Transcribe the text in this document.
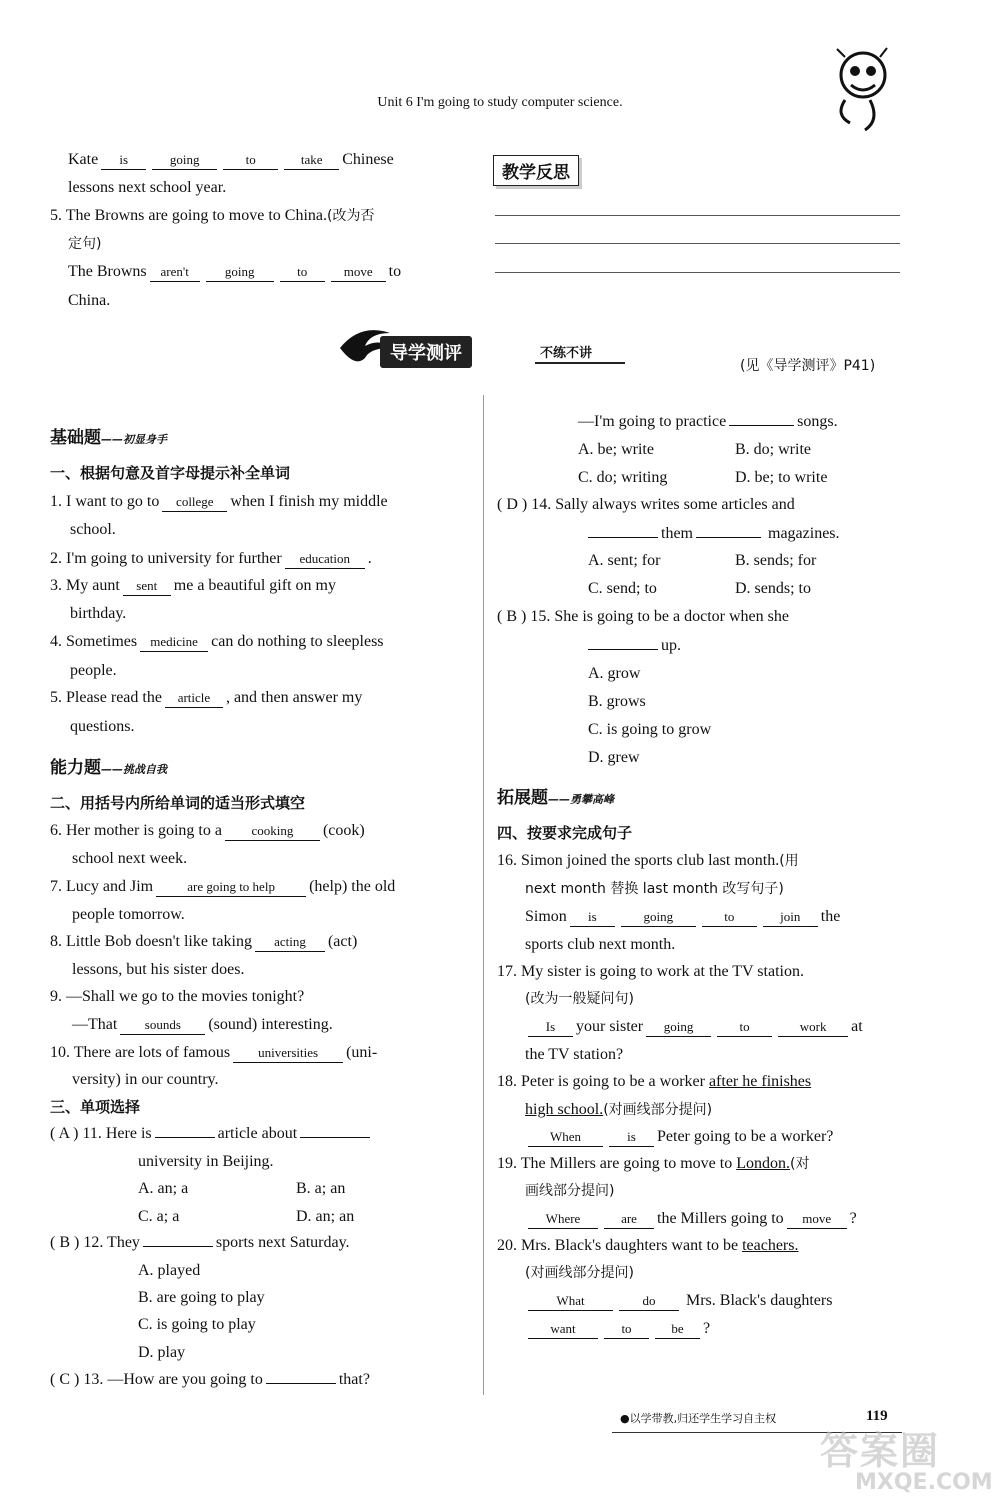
Unit 6 I'm going to study computer science.
Kate is	going	to	take Chinese
lessons next school year.
5. The Browns are going to move to China.(改为否
定句)
The Browns aren't	going	to	move to
China.
教学反思
导学测评	不练不讲
(见《导学测评》P41)
基础题——初显身手
一、根据句意及首字母提示补全单词
1. I want to go to college when I finish my middle
school.
2. I'm going to university for further education .
3. My aunt sent me a beautiful gift on my
birthday.
4. Sometimes medicine can do nothing to sleepless
people.
5. Please read the article , and then answer my
questions.
能力题——挑战自我
二、用括号内所给单词的适当形式填空
6. Her mother is going to a cooking (cook)
school next week.
7. Lucy and Jim	are going to help (help) the old
people tomorrow.
8. Little Bob doesn't like taking acting (act)
lessons, but his sister does.
9. —Shall we go to the movies tonight?
—That sounds (sound) interesting.
10. There are lots of famous universities (uni-
versity) in our country.
三、单项选择
( A ) 11. Here is	article about
university in Beijing.
A. an; a	B. a; an
C. a; a	D. an; an
( B ) 12. They	sports next Saturday.
A. played
B. are going to play
C. is going to play
D. play
( C ) 13. —How are you going to	that?
—I'm going to practice	songs.
A. be; write	B. do; write
C. do; writing	D. be; to write
( D ) 14. Sally always writes some articles and
them	magazines.
A. sent; for	B. sends; for
C. send; to	D. sends; to
( B ) 15. She is going to be a doctor when she
up.
A. grow
B. grows
C. is going to grow
D. grew
拓展题——勇攀高峰
四、按要求完成句子
16. Simon joined the sports club last month.(用
next month 替换 last month 改写句子)
Simon is	going	to	join the
sports club next month.
17. My sister is going to work at the TV station.
(改为一般疑问句)
Is your sister going	to	work at
the TV station?
18. Peter is going to be a worker after he finishes
high school.(对画线部分提问)
When	is Peter going to be a worker?
19. The Millers are going to move to London.(对
画线部分提问)
Where	are the Millers going to move ?
20. Mrs. Black's daughters want to be teachers.
(对画线部分提问)
What	do Mrs. Black's daughters
want	to	be ?
●以学带教,归还学生学习自主权	119
答案圈
MXQE.COM
